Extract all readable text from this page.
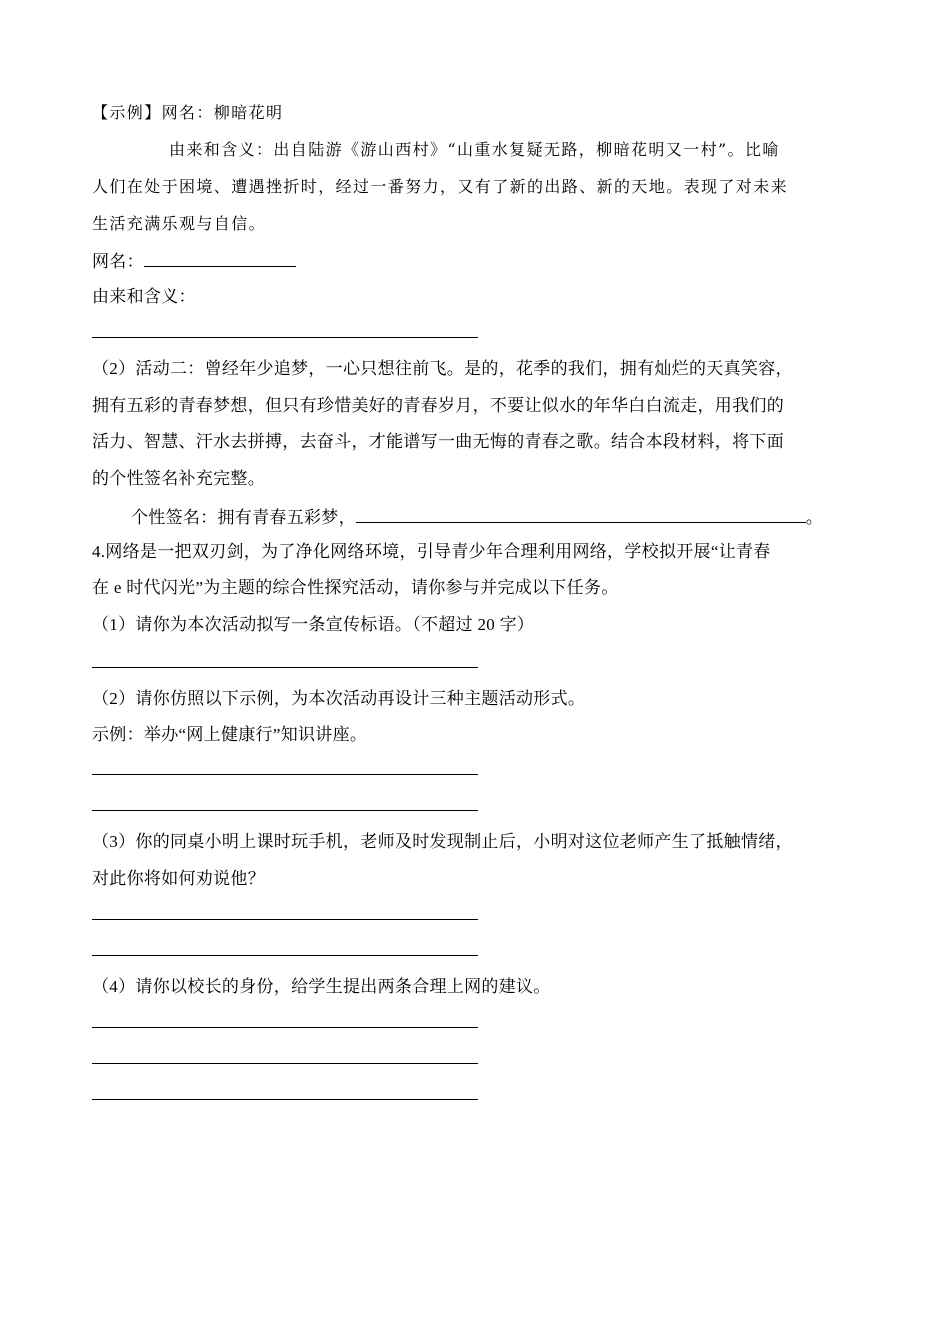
【示例】网名：柳暗花明
由来和含义：出自陆游《游山西村》“山重水复疑无路，柳暗花明又一村”。比喻
人们在处于困境、遭遇挫折时，经过一番努力，又有了新的出路、新的天地。表现了对未来
生活充满乐观与自信。
网名：
由来和含义：
（2）活动二：曾经年少追梦，一心只想往前飞。是的，花季的我们，拥有灿烂的天真笑容，
拥有五彩的青春梦想，但只有珍惜美好的青春岁月，不要让似水的年华白白流走，用我们的
活力、智慧、汗水去拼搏，去奋斗，才能谱写一曲无悔的青春之歌。结合本段材料，将下面
的个性签名补充完整。
个性签名：拥有青春五彩梦，	。
4.网络是一把双刃剑，为了净化网络环境，引导青少年合理利用网络，学校拟开展“让青春
在 e 时代闪光”为主题的综合性探究活动，请你参与并完成以下任务。
（1）请你为本次活动拟写一条宣传标语。（不超过 20 字）
（2）请你仿照以下示例，为本次活动再设计三种主题活动形式。
示例：举办“网上健康行”知识讲座。
（3）你的同桌小明上课时玩手机，老师及时发现制止后，小明对这位老师产生了抵触情绪，
对此你将如何劝说他？
（4）请你以校长的身份，给学生提出两条合理上网的建议。
